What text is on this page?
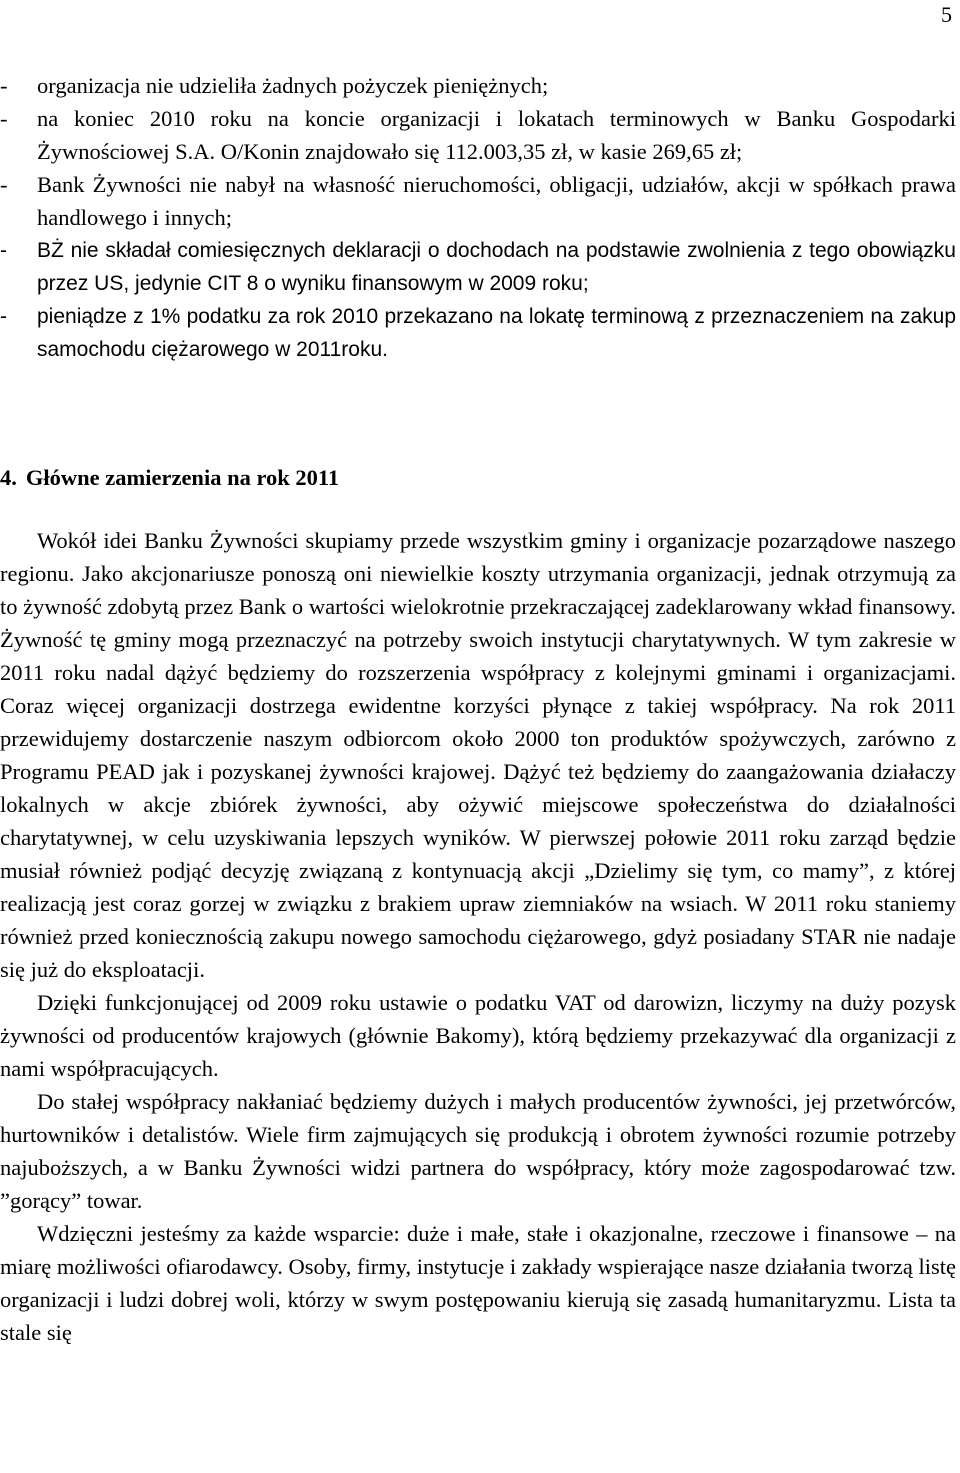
5
- organizacja nie udzieliła żadnych pożyczek pieniężnych;
- na koniec 2010 roku na koncie organizacji i lokatach terminowych w Banku Gospodarki Żywnościowej S.A. O/Konin znajdowało się 112.003,35 zł, w kasie 269,65 zł;
- Bank Żywności nie nabył na własność nieruchomości, obligacji, udziałów, akcji w spółkach prawa handlowego i innych;
- BŻ nie składał comiesięcznych deklaracji o dochodach na podstawie zwolnienia z tego obowiązku przez US, jedynie CIT 8 o wyniku finansowym w 2009 roku;
- pieniądze z 1% podatku za rok 2010 przekazano na lokatę terminową z przeznaczeniem na zakup samochodu ciężarowego w 2011roku.
4. Główne zamierzenia na rok 2011

Wokół idei Banku Żywności skupiamy przede wszystkim gminy i organizacje pozarządowe naszego regionu. Jako akcjonariusze ponoszą oni niewielkie koszty utrzymania organizacji, jednak otrzymują za to żywność zdobytą przez Bank o wartości wielokrotnie przekraczającej zadeklarowany wkład finansowy. Żywność tę gminy mogą przeznaczyć na potrzeby swoich instytucji charytatywnych. W tym zakresie w 2011 roku nadal dążyć będziemy do rozszerzenia współpracy z kolejnymi gminami i organizacjami. Coraz więcej organizacji dostrzega ewidentne korzyści płynące z takiej współpracy. Na rok 2011 przewidujemy dostarczenie naszym odbiorcom około 2000 ton produktów spożywczych, zarówno z Programu PEAD jak i pozyskanej żywności krajowej. Dążyć też będziemy do zaangażowania działaczy lokalnych w akcje zbiórek żywności, aby ożywić miejscowe społeczeństwa do działalności charytatywnej, w celu uzyskiwania lepszych wyników. W pierwszej połowie 2011 roku zarząd będzie musiał również podjąć decyzję związaną z kontynuacją akcji „Dzielimy się tym, co mamy”, z której realizacją jest coraz gorzej w związku z brakiem upraw ziemniaków na wsiach. W 2011 roku staniemy również przed koniecznością zakupu nowego samochodu ciężarowego, gdyż posiadany STAR nie nadaje się już do eksploatacji.

Dzięki funkcjonującej od 2009 roku ustawie o podatku VAT od darowizn, liczymy na duży pozysk żywności od producentów krajowych (głównie Bakomy), którą będziemy przekazywać dla organizacji z nami współpracujących.

Do stałej współpracy nakłaniać będziemy dużych i małych producentów żywności, jej przetwórców, hurtowników i detalistów. Wiele firm zajmujących się produkcją i obrotem żywności rozumie potrzeby najuboższych, a w Banku Żywności widzi partnera do współpracy, który może zagospodarować tzw. ”gorący” towar.

Wdzięczni jesteśmy za każde wsparcie: duże i małe, stałe i okazjonalne, rzeczowe i finansowe – na miarę możliwości ofiarodawcy. Osoby, firmy, instytucje i zakłady wspierające nasze działania tworzą listę organizacji i ludzi dobrej woli, którzy w swym postępowaniu kierują się zasadą humanitaryzmu. Lista ta stale się
